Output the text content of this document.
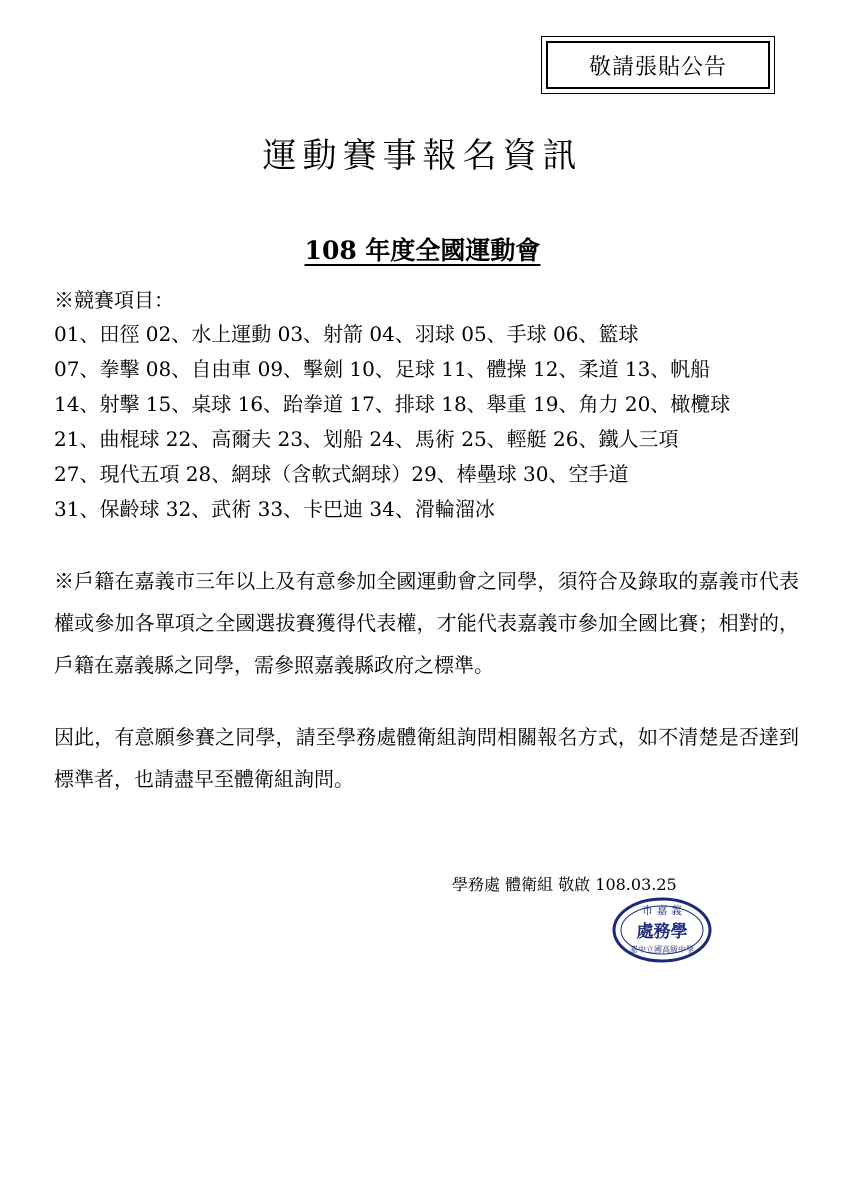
敬請張貼公告
運動賽事報名資訊
108 年度全國運動會

※競賽項目：

01、田徑 02、水上運動 03、射箭 04、羽球 05、手球 06、籃球

07、拳擊 08、自由車 09、擊劍 10、足球 11、體操 12、柔道 13、帆船

14、射擊 15、桌球 16、跆拳道 17、排球 18、舉重 19、角力 20、橄欖球

21、曲棍球 22、高爾夫 23、划船 24、馬術 25、輕艇 26、鐵人三項

27、現代五項 28、網球（含軟式網球）29、棒壘球 30、空手道

31、保齡球 32、武術 33、卡巴迪 34、滑輪溜冰

※戶籍在嘉義市三年以上及有意參加全國運動會之同學，須符合及錄取的嘉義市代表權或參加各單項之全國選拔賽獲得代表權，才能代表嘉義市參加全國比賽；相對的，戶籍在嘉義縣之同學，需參照嘉義縣政府之標準。

因此，有意願參賽之同學，請至學務處體衛組詢問相關報名方式，如不清楚是否達到標準者，也請盡早至體衛組詢問。

學務處 體衛組 敬啟 108.03.25
市 嘉 義
處務學
嘉中立國高級中學
